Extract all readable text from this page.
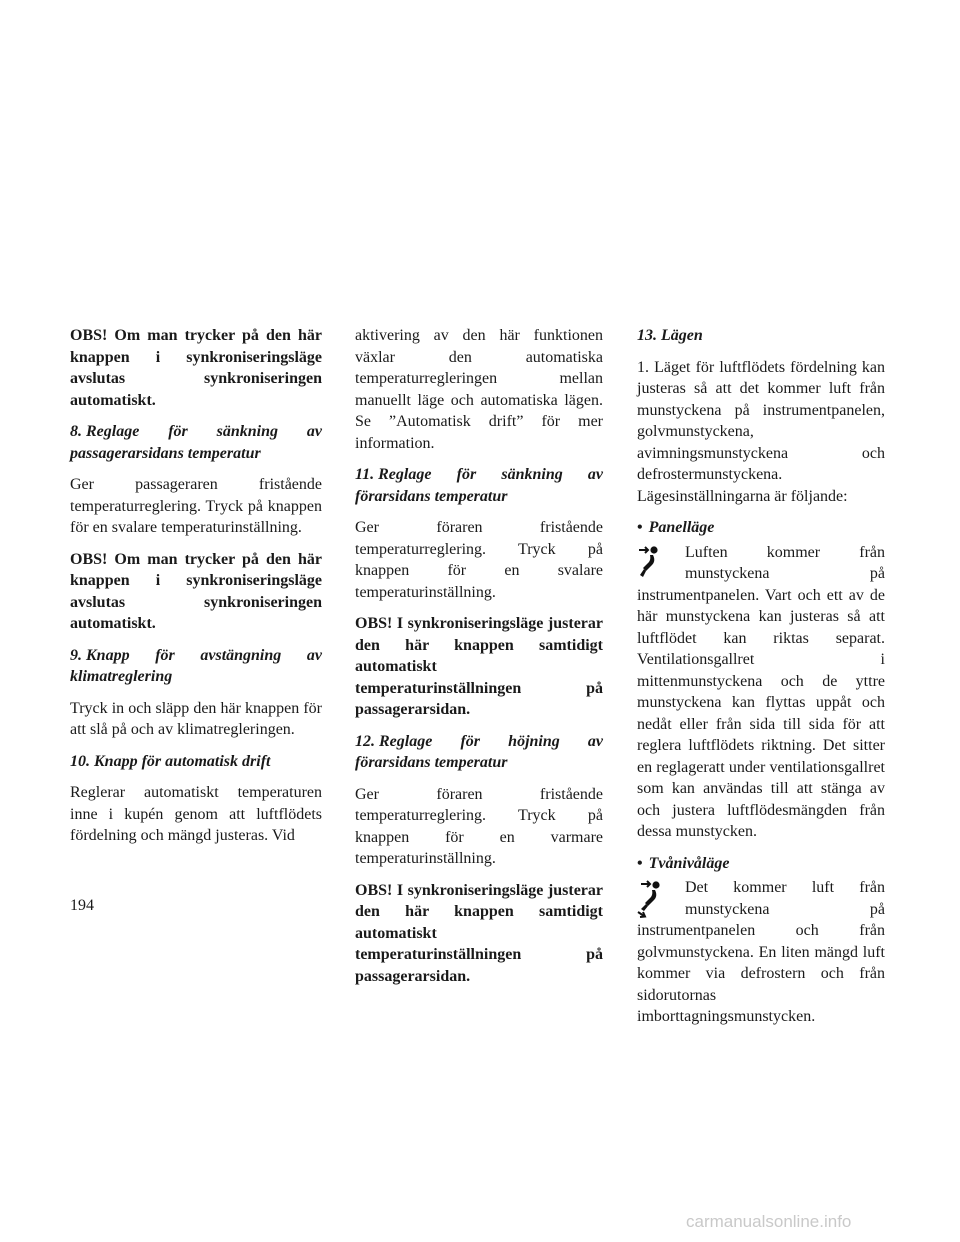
OBS! Om man trycker på den här knappen i synkroniseringsläge avslutas synkroniseringen automatiskt.

8. Reglage för sänkning av passagerarsidans temperatur

Ger passageraren fristående temperaturreglering. Tryck på knappen för en svalare temperaturinställning.

OBS! Om man trycker på den här knappen i synkroniseringsläge avslutas synkroniseringen automatiskt.

9. Knapp för avstängning av klimatreglering

Tryck in och släpp den här knappen för att slå på och av klimatregleringen.

10. Knapp för automatisk drift

Reglerar automatiskt temperaturen inne i kupén genom att luftflödets fördelning och mängd justeras. Vid

aktivering av den här funktionen växlar den automatiska temperaturregleringen mellan manuellt läge och automatiska lägen. Se ”Automatisk drift” för mer information.

11. Reglage för sänkning av förarsidans temperatur

Ger föraren fristående temperaturreglering. Tryck på knappen för en svalare temperaturinställning.

OBS! I synkroniseringsläge justerar den här knappen samtidigt automatiskt temperaturinställningen på passagerarsidan.

12. Reglage för höjning av förarsidans temperatur

Ger föraren fristående temperaturreglering. Tryck på knappen för en varmare temperaturinställning.

OBS! I synkroniseringsläge justerar den här knappen samtidigt automatiskt temperaturinställningen på passagerarsidan.

13. Lägen

1. Läget för luftflödets fördelning kan justeras så att det kommer luft från munstyckena på instrumentpanelen, golvmunstyckena, avimningsmunstyckena och defrostermunstyckena. Lägesinställningarna är följande:

• Panelläge

Luften kommer från munstyckena på instrumentpanelen. Vart och ett av de här munstyckena kan justeras så att luftflödet kan riktas separat. Ventilationsgallret i mittenmunstyckena och de yttre munstyckena kan flyttas uppåt och nedåt eller från sida till sida för att reglera luftflödets riktning. Det sitter en reglageratt under ventilationsgallret som kan användas till att stänga av och justera luftflödesmängden från dessa munstycken.

• Tvånivåläge

Det kommer luft från munstyckena på instrumentpanelen och från golvmunstyckena. En liten mängd luft kommer via defrostern och från sidorutornas imborttagningsmunstycken.
194
carmanualsonline.info
